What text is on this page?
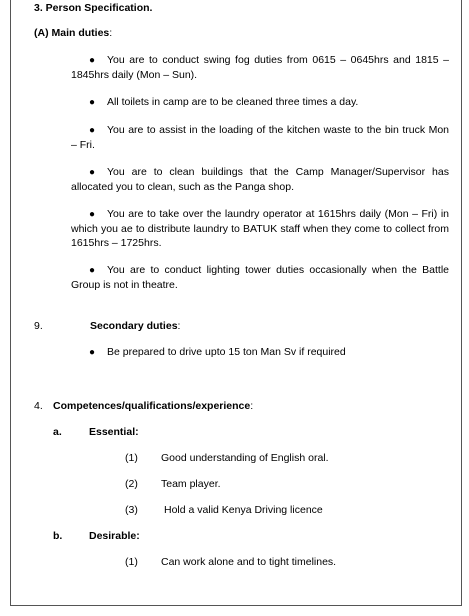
3. Person Specification.
(A) Main duties:
● You are to conduct swing fog duties from 0615 – 0645hrs and 1815 – 1845hrs daily (Mon – Sun).
● All toilets in camp are to be cleaned three times a day.
● You are to assist in the loading of the kitchen waste to the bin truck Mon – Fri.
● You are to clean buildings that the Camp Manager/Supervisor has allocated you to clean, such as the Panga shop.
● You are to take over the laundry operator at 1615hrs daily (Mon – Fri) in which you ae to distribute laundry to BATUK staff when they come to collect from 1615hrs – 1725hrs.
● You are to conduct lighting tower duties occasionally when the Battle Group is not in theatre.
9.	Secondary duties:
● Be prepared to drive upto 15 ton Man Sv if required
4. Competences/qualifications/experience:
a.	Essential:
(1) Good understanding of English oral.
(2) Team player.
(3) Hold a valid Kenya Driving licence
b.	Desirable:
(1) Can work alone and to tight timelines.
